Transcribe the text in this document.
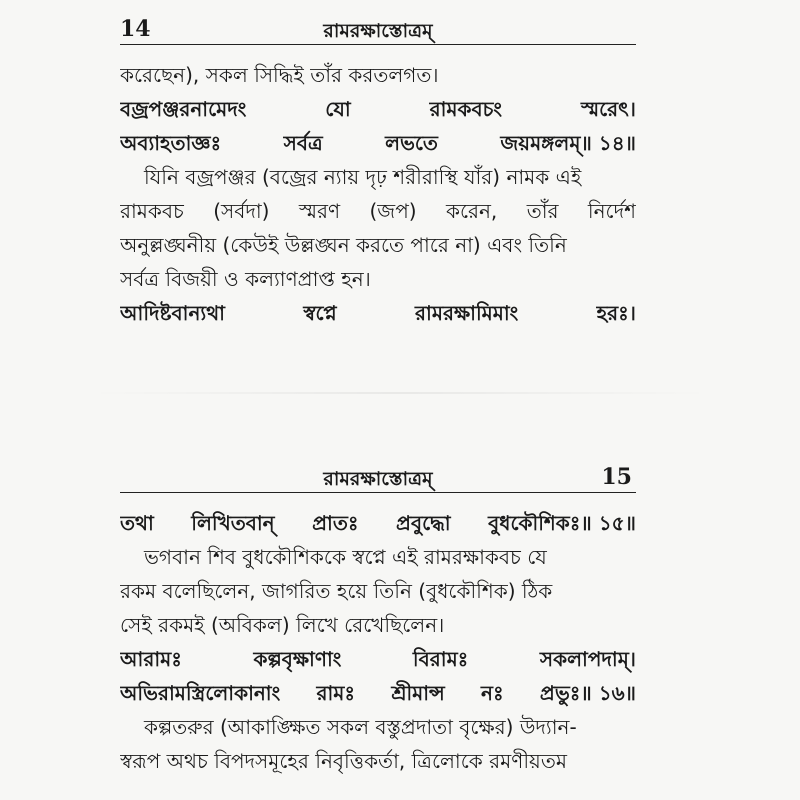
14	রামরক্ষাস্তোত্রম্
করেছেন), সকল সিদ্ধিই তাঁর করতলগত।
বজ্রপঞ্জরনামেদং	যো	রামকবচং	স্মরেৎ।
অব্যাহতাজ্ঞঃ	সর্বত্র	লভতে	জয়মঙ্গলম্॥ ১৪॥
যিনি বজ্রপঞ্জর (বজ্রের ন্যায় দৃঢ় শরীরাস্থি যাঁর) নামক এই
রামকবচ (সর্বদা) স্মরণ (জপ) করেন, তাঁর নির্দেশ
অনুল্লঙ্ঘনীয় (কেউই উল্লঙ্ঘন করতে পারে না) এবং তিনি
সর্বত্র বিজয়ী ও কল্যাণপ্রাপ্ত হন।
আদিষ্টবান্যথা	স্বপ্নে	রামরক্ষামিমাং	হরঃ।
রামরক্ষাস্তোত্রম্	15
তথা লিখিতবান্ প্রাতঃ প্রবুদ্ধো বুধকৌশিকঃ॥ ১৫॥
ভগবান শিব বুধকৌশিককে স্বপ্নে এই রামরক্ষাকবচ যে
রকম বলেছিলেন, জাগরিত হয়ে তিনি (বুধকৌশিক) ঠিক
সেই রকমই (অবিকল) লিখে রেখেছিলেন।
আরামঃ	কল্পবৃক্ষাণাং	বিরামঃ	সকলাপদাম্।
অভিরামস্ত্রিলোকানাং রামঃ শ্রীমান্স নঃ প্রভুঃ॥ ১৬॥
কল্পতরুর (আকাঙ্ক্ষিত সকল বস্তুপ্রদাতা বৃক্ষের) উদ্যান-
স্বরূপ অথচ বিপদসমূহের নিবৃত্তিকর্তা, ত্রিলোকে রমণীয়তম
